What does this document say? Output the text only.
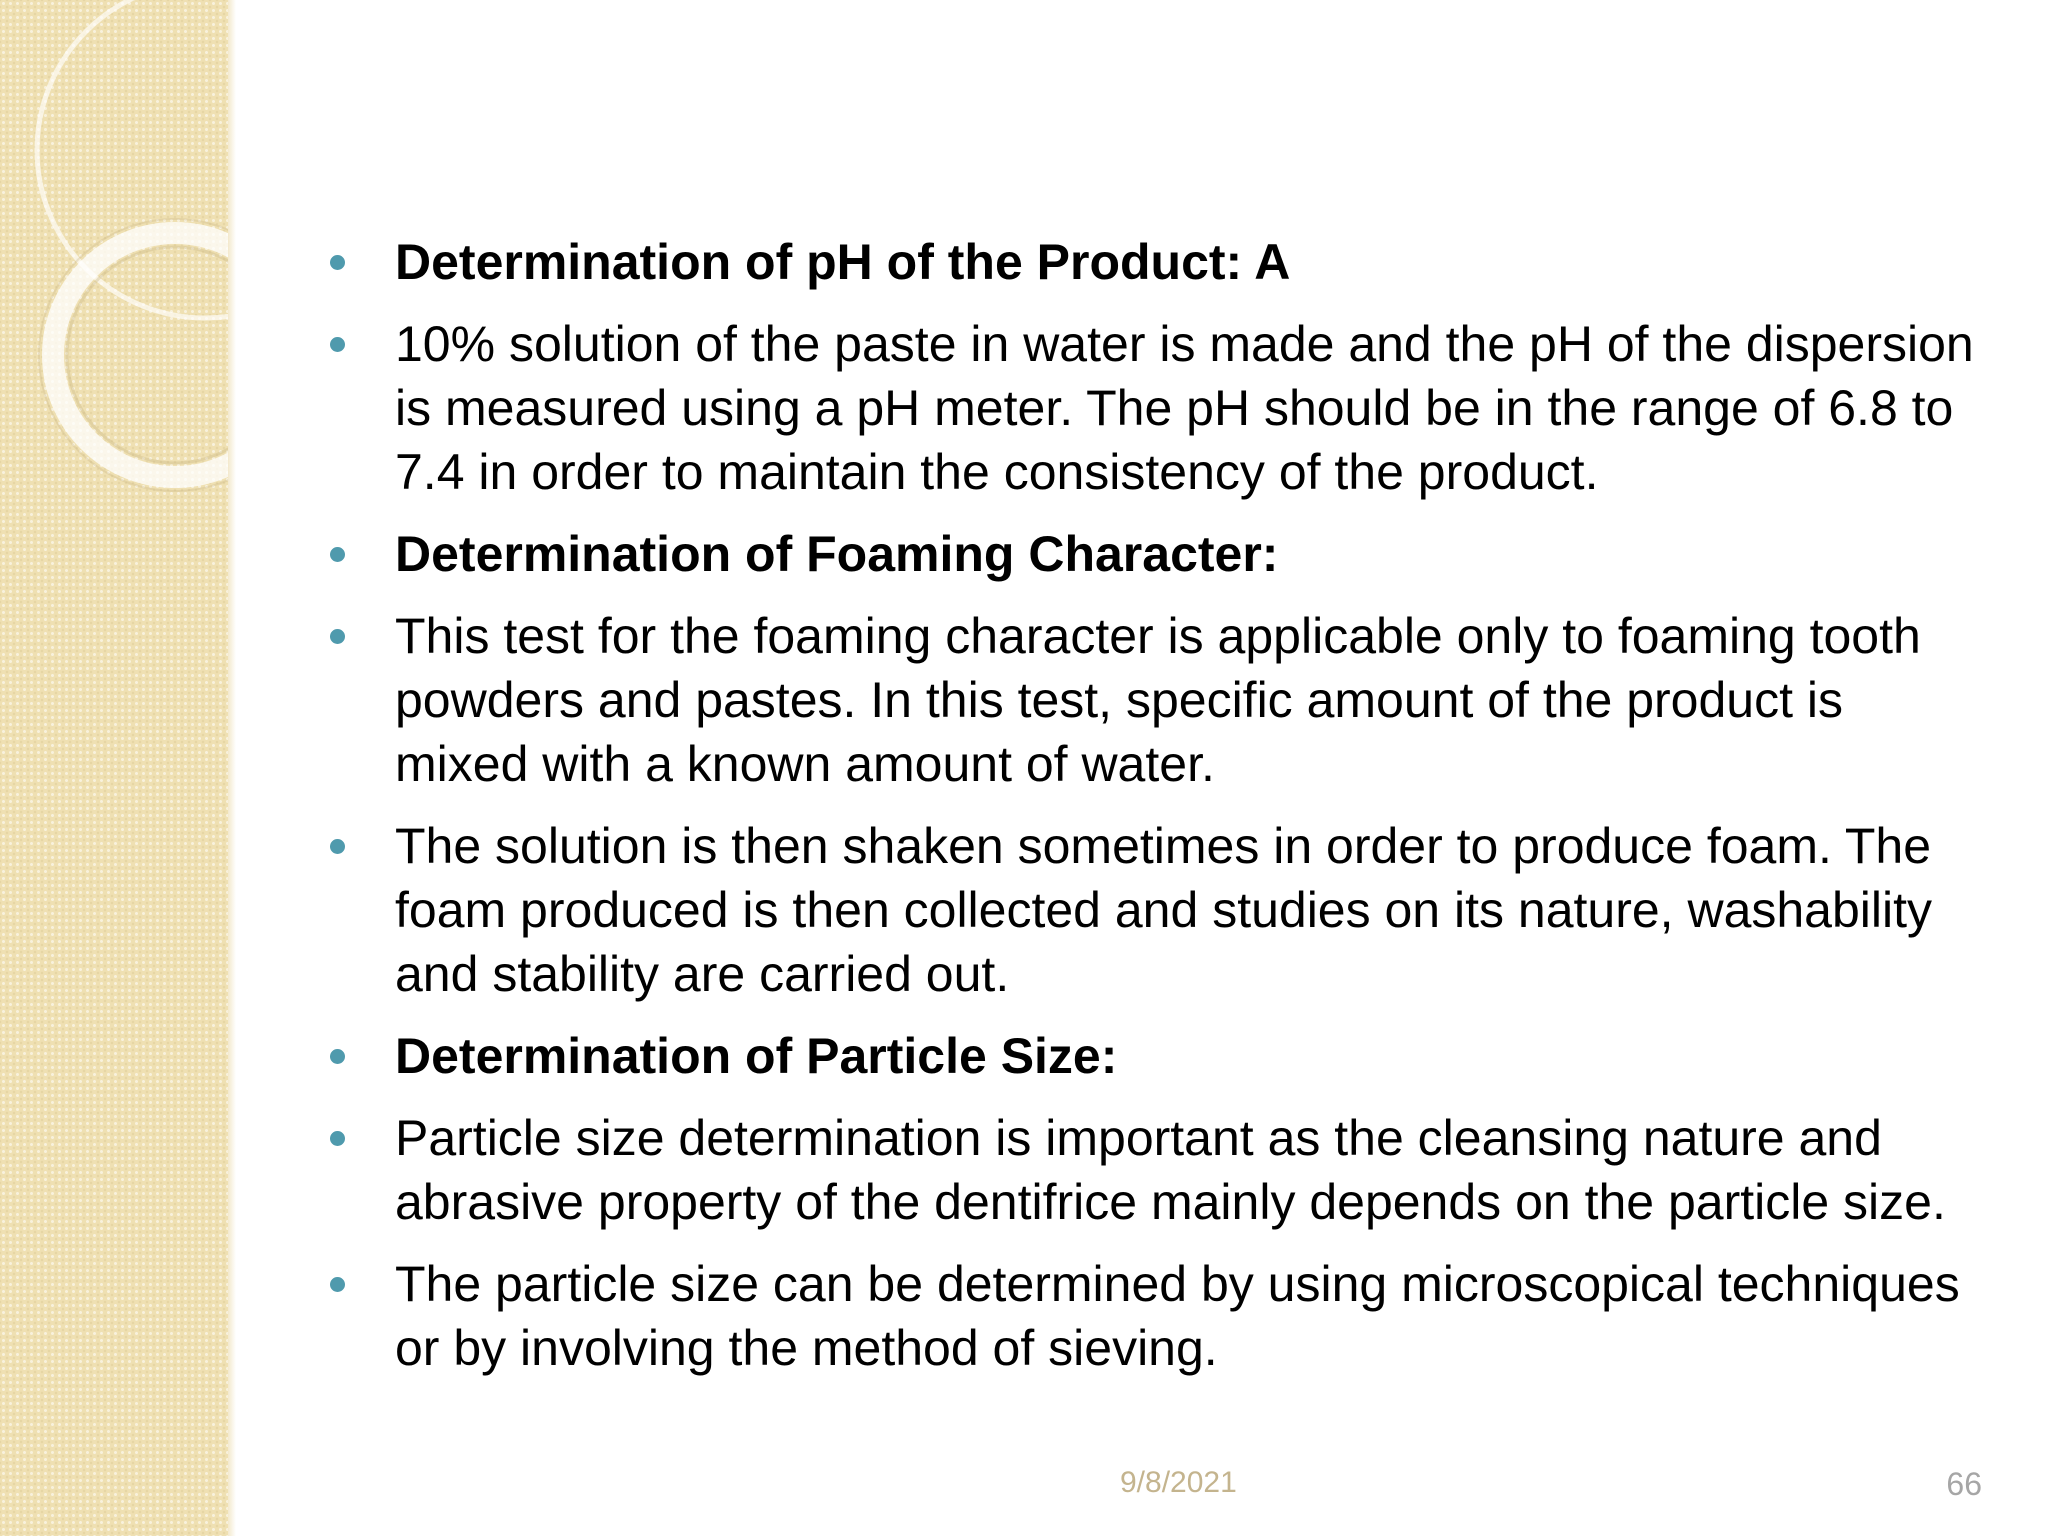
Determination of pH of the Product: A
10% solution of the paste in water is made and the pH of the dispersion is measured using a pH meter. The pH should be in the range of 6.8 to 7.4 in order to maintain the consistency of the product.
Determination of Foaming Character:
This test for the foaming character is applicable only to foaming tooth powders and pastes. In this test, specific amount of the product is mixed with a known amount of water.
The solution is then shaken sometimes in order to produce foam. The foam produced is then collected and studies on its nature, washability and stability are carried out.
Determination of Particle Size:
Particle size determination is important as the cleansing nature and abrasive property of the dentifrice mainly depends on the particle size.
The particle size can be determined by using microscopical techniques or by involving the method of sieving.
9/8/2021	66
